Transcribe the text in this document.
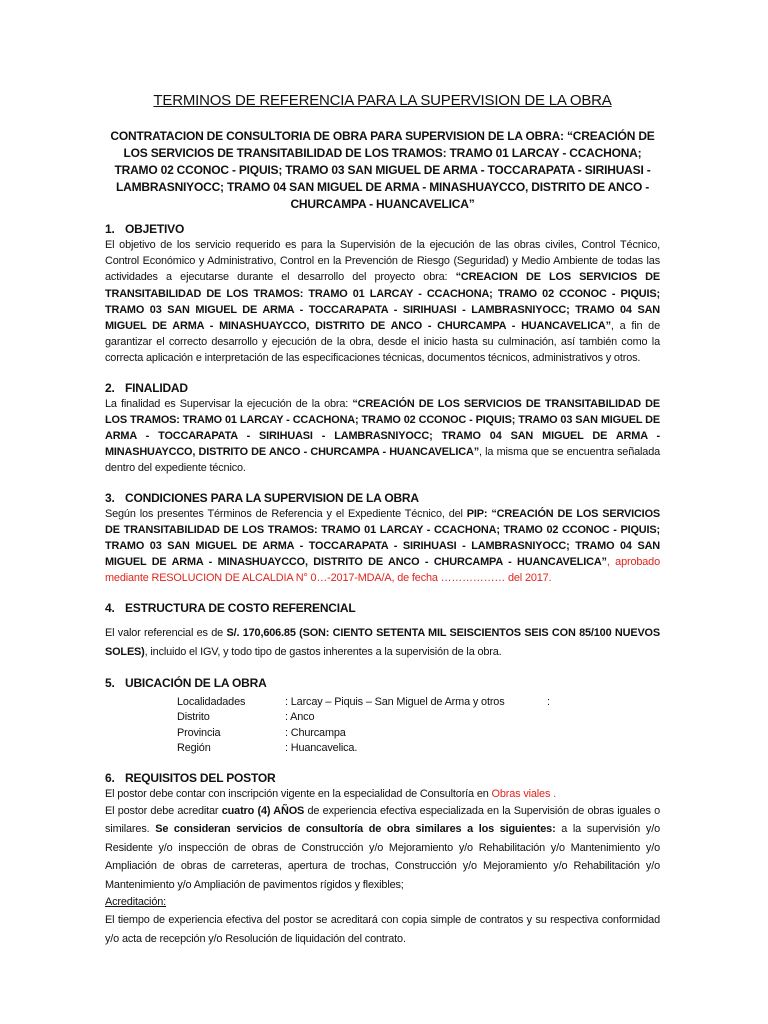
TERMINOS DE REFERENCIA PARA LA SUPERVISION DE LA OBRA
CONTRATACION DE CONSULTORIA DE OBRA PARA SUPERVISION DE LA OBRA: “CREACIÓN DE LOS SERVICIOS DE TRANSITABILIDAD DE LOS TRAMOS: TRAMO 01 LARCAY - CCACHONA; TRAMO 02 CCONOC - PIQUIS; TRAMO 03 SAN MIGUEL DE ARMA - TOCCARAPATA - SIRIHUASI - LAMBRASNIYOCC; TRAMO 04 SAN MIGUEL DE ARMA - MINASHUAYCCO, DISTRITO DE ANCO - CHURCAMPA - HUANCAVELICA”
1. OBJETIVO

El objetivo de los servicio requerido es para la Supervisión de la ejecución de las obras civiles, Control Técnico, Control Económico y Administrativo, Control en la Prevención de Riesgo (Seguridad) y Medio Ambiente de todas las actividades a ejecutarse durante el desarrollo del proyecto obra: “CREACION DE LOS SERVICIOS DE TRANSITABILIDAD DE LOS TRAMOS: TRAMO 01 LARCAY - CCACHONA; TRAMO 02 CCONOC - PIQUIS; TRAMO 03 SAN MIGUEL DE ARMA - TOCCARAPATA - SIRIHUASI - LAMBRASNIYOCC; TRAMO 04 SAN MIGUEL DE ARMA - MINASHUAYCCO, DISTRITO DE ANCO - CHURCAMPA - HUANCAVELICA”, a fin de garantizar el correcto desarrollo y ejecución de la obra, desde el inicio hasta su culminación, así también como la correcta aplicación e interpretación de las especificaciones técnicas, documentos técnicos, administrativos y otros.

2. FINALIDAD

La finalidad es Supervisar la ejecución de la obra: “CREACIÓN DE LOS SERVICIOS DE TRANSITABILIDAD DE LOS TRAMOS: TRAMO 01 LARCAY - CCACHONA; TRAMO 02 CCONOC - PIQUIS; TRAMO 03 SAN MIGUEL DE ARMA - TOCCARAPATA - SIRIHUASI - LAMBRASNIYOCC; TRAMO 04 SAN MIGUEL DE ARMA - MINASHUAYCCO, DISTRITO DE ANCO - CHURCAMPA - HUANCAVELICA”, la misma que se encuentra señalada dentro del expediente técnico.

3. CONDICIONES PARA LA SUPERVISION DE LA OBRA

Según los presentes Términos de Referencia y el Expediente Técnico, del PIP: “CREACIÓN DE LOS SERVICIOS DE TRANSITABILIDAD DE LOS TRAMOS: TRAMO 01 LARCAY - CCACHONA; TRAMO 02 CCONOC - PIQUIS; TRAMO 03 SAN MIGUEL DE ARMA - TOCCARAPATA - SIRIHUASI - LAMBRASNIYOCC; TRAMO 04 SAN MIGUEL DE ARMA - MINASHUAYCCO, DISTRITO DE ANCO - CHURCAMPA - HUANCAVELICA”, aprobado mediante RESOLUCION DE ALCALDIA N° 0…-2017-MDA/A, de fecha ……………… del 2017.

4. ESTRUCTURA DE COSTO REFERENCIAL

El valor referencial es de S/. 170,606.85 (SON: CIENTO SETENTA MIL SEISCIENTOS SEIS CON 85/100 NUEVOS SOLES), incluido el IGV, y todo tipo de gastos inherentes a la supervisión de la obra.

5. UBICACIÓN DE LA OBRA
Localidadades	: Larcay – Piquis – San Miguel de Arma y otros	:
Distrito	: Anco
Provincia	: Churcampa
Región	: Huancavelica.
6. REQUISITOS DEL POSTOR

El postor debe contar con inscripción vigente en la especialidad de Consultoría en Obras viales .

El postor debe acreditar cuatro (4) AÑOS de experiencia efectiva especializada en la Supervisión de obras iguales o similares. Se consideran servicios de consultoría de obra similares a los siguientes: a la supervisión y/o Residente y/o inspección de obras de Construcción y/o Mejoramiento y/o Rehabilitación y/o Mantenimiento y/o Ampliación de obras de carreteras, apertura de trochas, Construcción y/o Mejoramiento y/o Rehabilitación y/o Mantenimiento y/o Ampliación de pavimentos rígidos y flexibles;

Acreditación:

El tiempo de experiencia efectiva del postor se acreditará con copia simple de contratos y su respectiva conformidad y/o acta de recepción y/o Resolución de liquidación del contrato.
